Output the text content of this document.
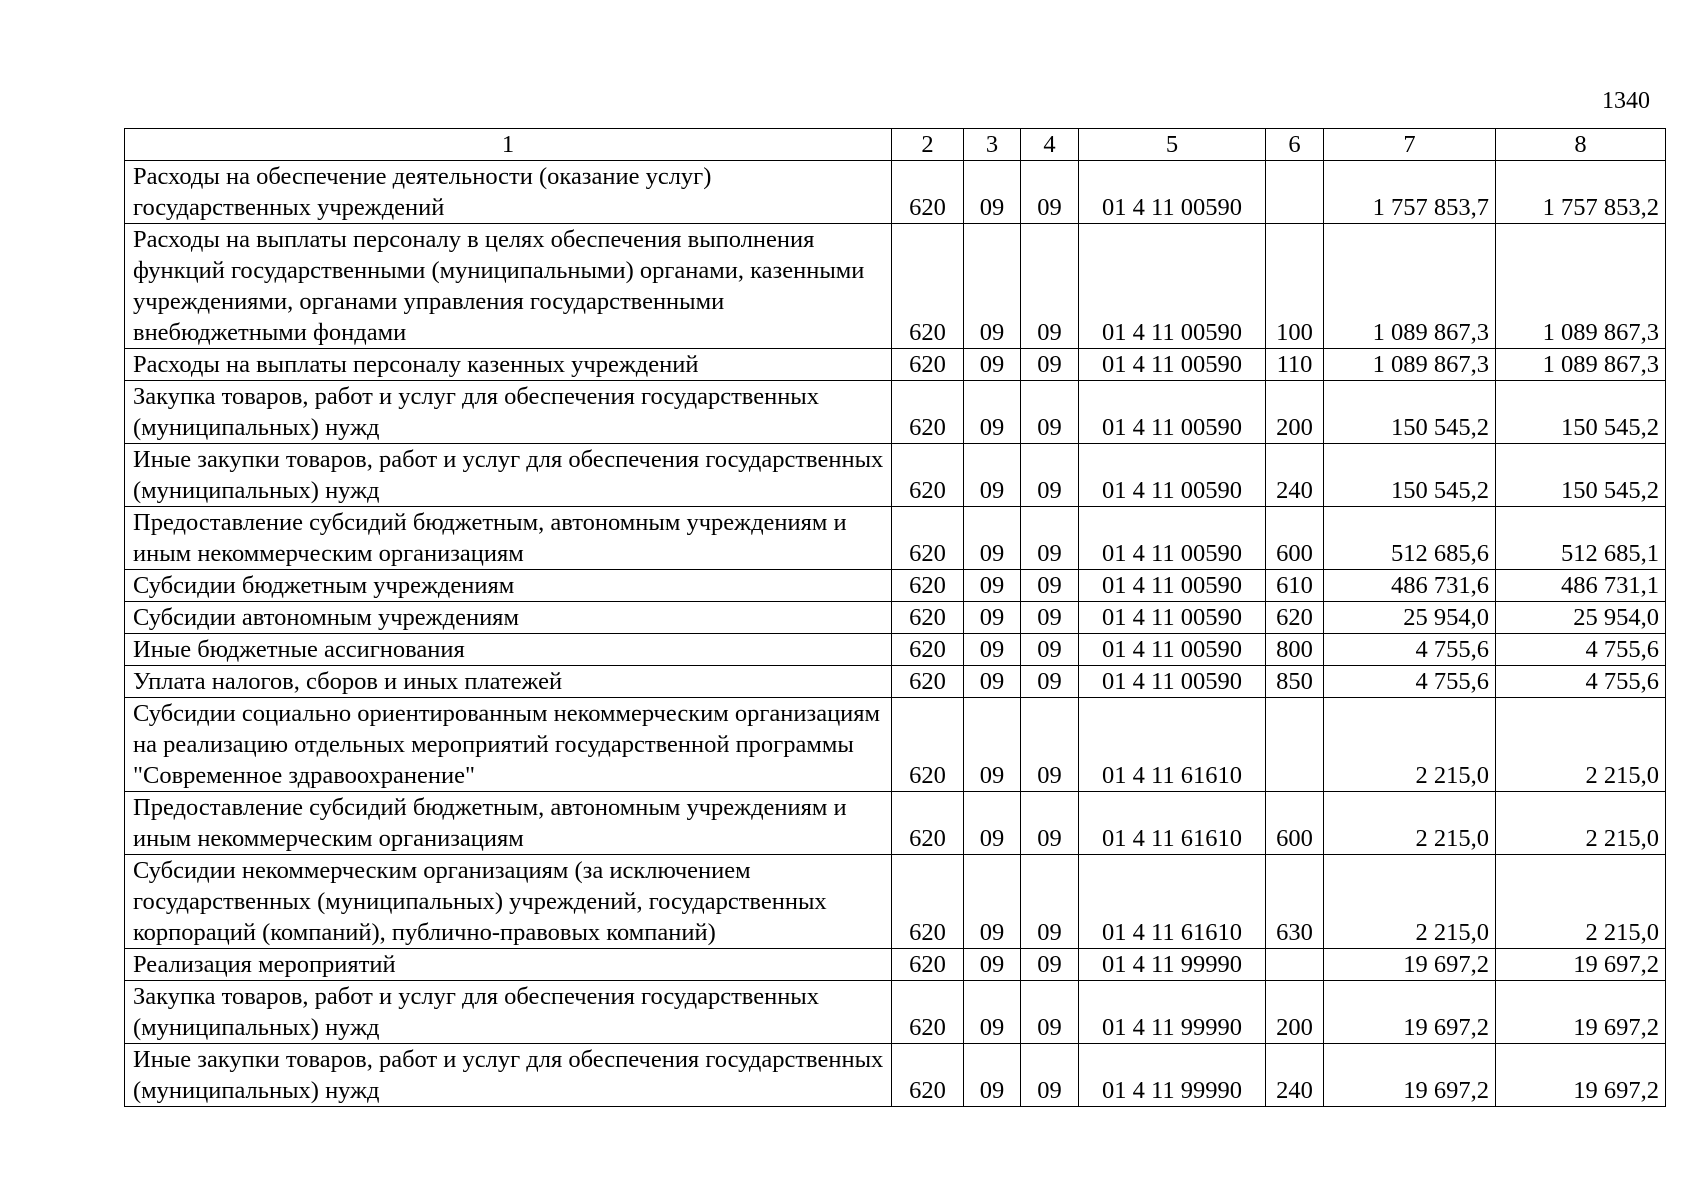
1340
1	2	3	4	5	6	7	8
Расходы на обеспечение деятельности (оказание услуг) государственных учреждений	620	09	09	01 4 11 00590		1 757 853,7	1 757 853,2
Расходы на выплаты персоналу в целях обеспечения выполнения функций государственными (муниципальными) органами, казенными учреждениями, органами управления государственными внебюджетными фондами	620	09	09	01 4 11 00590	100	1 089 867,3	1 089 867,3
Расходы на выплаты персоналу казенных учреждений	620	09	09	01 4 11 00590	110	1 089 867,3	1 089 867,3
Закупка товаров, работ и услуг для обеспечения государственных (муниципальных) нужд	620	09	09	01 4 11 00590	200	150 545,2	150 545,2
Иные закупки товаров, работ и услуг для обеспечения государственных (муниципальных) нужд	620	09	09	01 4 11 00590	240	150 545,2	150 545,2
Предоставление субсидий бюджетным, автономным учреждениям и иным некоммерческим организациям	620	09	09	01 4 11 00590	600	512 685,6	512 685,1
Субсидии бюджетным учреждениям	620	09	09	01 4 11 00590	610	486 731,6	486 731,1
Субсидии автономным учреждениям	620	09	09	01 4 11 00590	620	25 954,0	25 954,0
Иные бюджетные ассигнования	620	09	09	01 4 11 00590	800	4 755,6	4 755,6
Уплата налогов, сборов и иных платежей	620	09	09	01 4 11 00590	850	4 755,6	4 755,6
Субсидии социально ориентированным некоммерческим организациям на реализацию отдельных мероприятий государственной программы "Современное здравоохранение"	620	09	09	01 4 11 61610		2 215,0	2 215,0
Предоставление субсидий бюджетным, автономным учреждениям и иным некоммерческим организациям	620	09	09	01 4 11 61610	600	2 215,0	2 215,0
Субсидии некоммерческим организациям (за исключением государственных (муниципальных) учреждений, государственных корпораций (компаний), публично-правовых компаний)	620	09	09	01 4 11 61610	630	2 215,0	2 215,0
Реализация мероприятий	620	09	09	01 4 11 99990		19 697,2	19 697,2
Закупка товаров, работ и услуг для обеспечения государственных (муниципальных) нужд	620	09	09	01 4 11 99990	200	19 697,2	19 697,2
Иные закупки товаров, работ и услуг для обеспечения государственных (муниципальных) нужд	620	09	09	01 4 11 99990	240	19 697,2	19 697,2
